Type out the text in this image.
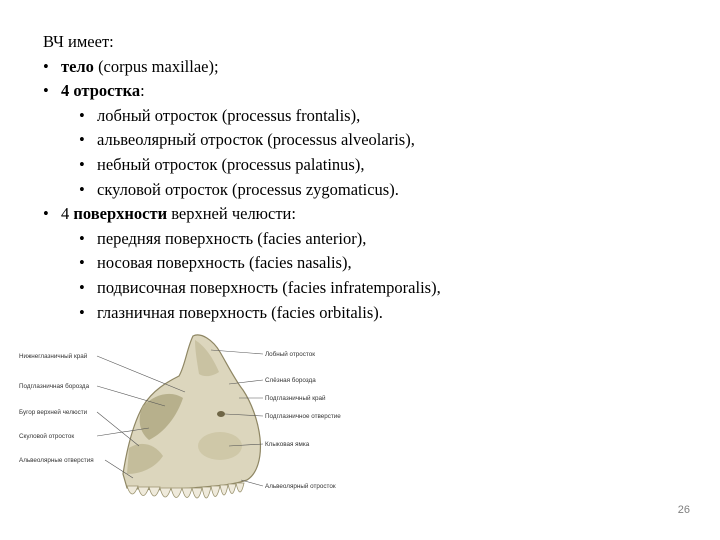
ВЧ имеет:
• тело (corpus maxillae);
• 4 отростка:
• лобный отросток (processus frontalis),
• альвеолярный отросток (processus alveolaris),
• небный отросток (processus palatinus),
• скуловой отросток (processus zygomaticus).
• 4 поверхности верхней челюсти:
• передняя поверхность (facies anterior),
• носовая поверхность (facies nasalis),
• подвисочная поверхность (facies infratemporalis),
• глазничная поверхность (facies orbitalis).
Нижнеглазничный край
Подглазничная борозда
Бугор верхней челюсти
Скуловой отросток
Альвеолярные отверстия
Лобный отросток
Слёзная борозда
Подглазничный край
Подглазничное отверстие
Клыковая ямка
Альвеолярный отросток
26
